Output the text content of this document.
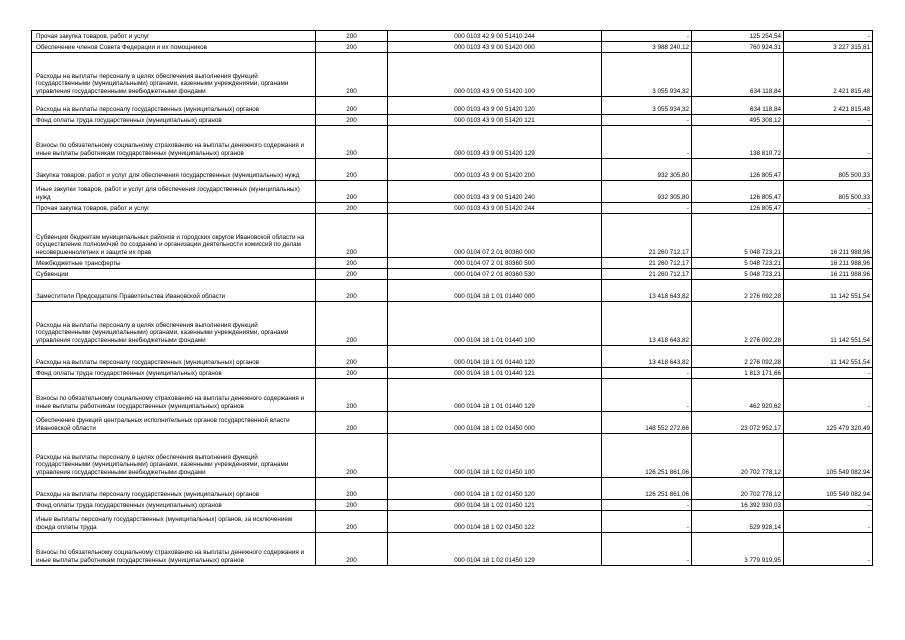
Прочая закупка товаров, работ и услуг	200	000 0103 42 9 00 51410 244	-	125 254,54	-
Обеспечение членов Совета Федерации и их помощников	200	000 0103 43 9 00 51420 000	3 988 240,12	760 924,31	3 227 315,81
Расходы на выплаты персоналу в целях обеспечения выполнения функций государственными (муниципальными) органами, казенными учреждениями, органами управления государственными внебюджетными фондами	200	000 0103 43 9 00 51420 100	3 055 934,32	634 118,84	2 421 815,48
Расходы на выплаты персоналу государственных (муниципальных) органов	200	000 0103 43 9 00 51420 120	3 055 934,32	634 118,84	2 421 815,48
Фонд оплаты труда государственных (муниципальных) органов	200	000 0103 43 9 00 51420 121	-	495 308,12	-
Взносы по обязательному социальному страхованию на выплаты денежного содержания и иные выплаты работникам государственных (муниципальных) органов	200	000 0103 43 9 00 51420 129	-	138 810,72	-
Закупка товаров, работ и услуг для обеспечения государственных (муниципальных) нужд	200	000 0103 43 9 00 51420 200	932 305,80	126 805,47	805 500,33
Иные закупки товаров, работ и услуг для обеспечения государственных (муниципальных) нужд	200	000 0103 43 9 00 51420 240	932 305,80	126 805,47	805 500,33
Прочая закупка товаров, работ и услуг	200	000 0103 43 9 00 51420 244	-	126 805,47	-
Субвенции бюджетам муниципальных районов и городских округов Ивановской области на осуществление полномочий по созданию и организации деятельности комиссий по делам несовершеннолетних и защите их прав	200	000 0104 07 2 01 80360 000	21 260 712,17	5 048 723,21	16 211 988,96
Межбюджетные трансферты	200	000 0104 07 2 01 80360 500	21 260 712,17	5 048 723,21	16 211 988,96
Субвенции	200	000 0104 07 2 01 80360 530	21 260 712,17	5 048 723,21	16 211 988,96
Заместители Председателя Правительства Ивановской области	200	000 0104 18 1 01 01440 000	13 418 643,82	2 276 092,28	11 142 551,54
Расходы на выплаты персоналу в целях обеспечения выполнения функций государственными (муниципальными) органами, казенными учреждениями, органами управления государственными внебюджетными фондами	200	000 0104 18 1 01 01440 100	13 418 643,82	2 276 092,28	11 142 551,54
Расходы на выплаты персоналу государственных (муниципальных) органов	200	000 0104 18 1 01 01440 120	13 418 643,82	2 276 092,28	11 142 551,54
Фонд оплаты труда государственных (муниципальных) органов	200	000 0104 18 1 01 01440 121	-	1 813 171,66	-
Взносы по обязательному социальному страхованию на выплаты денежного содержания и иные выплаты работникам государственных (муниципальных) органов	200	000 0104 18 1 01 01440 129	-	462 920,62	-
Обеспечение функций центральных исполнительных органов государственной власти Ивановской области	200	000 0104 18 1 02 01450 000	148 552 272,66	23 072 952,17	125 479 320,49
Расходы на выплаты персоналу в целях обеспечения выполнения функций государственными (муниципальными) органами, казенными учреждениями, органами управления государственными внебюджетными фондами	200	000 0104 18 1 02 01450 100	126 251 861,06	20 702 778,12	105 549 082,94
Расходы на выплаты персоналу государственных (муниципальных) органов	200	000 0104 18 1 02 01450 120	126 251 861,06	20 702 778,12	105 549 082,94
Фонд оплаты труда государственных (муниципальных) органов	200	000 0104 18 1 02 01450 121	-	16 392 930,03	-
Иные выплаты персоналу государственных (муниципальных) органов, за исключением фонда оплаты труда	200	000 0104 18 1 02 01450 122	-	529 928,14	-
Взносы по обязательному социальному страхованию на выплаты денежного содержания и иные выплаты работникам государственных (муниципальных) органов	200	000 0104 18 1 02 01450 129	-	3 779 919,95	-
